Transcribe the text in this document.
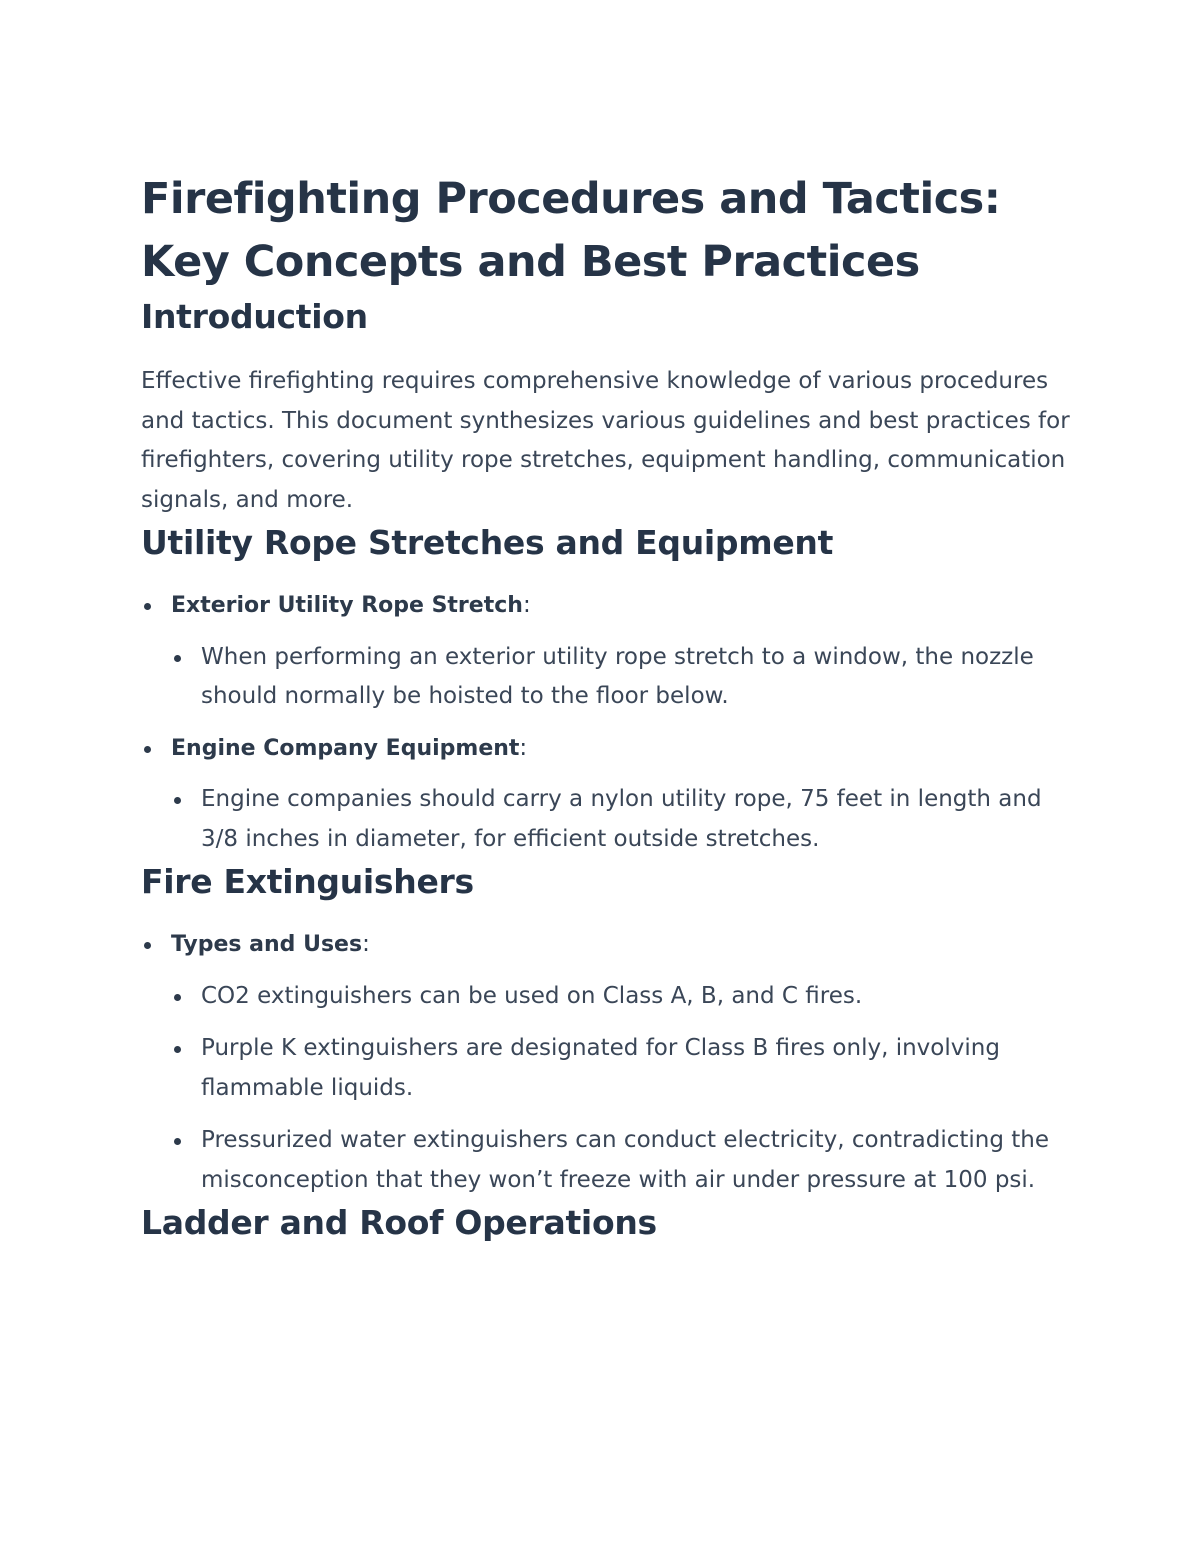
Firefighting Procedures and Tactics:
Key Concepts and Best Practices
Introduction

Effective firefighting requires comprehensive knowledge of various procedures and tactics. This document synthesizes various guidelines and best practices for firefighters, covering utility rope stretches, equipment handling, communication signals, and more.

Utility Rope Stretches and Equipment
Exterior Utility Rope Stretch:
When performing an exterior utility rope stretch to a window, the nozzle should normally be hoisted to the floor below.
Engine Company Equipment:
Engine companies should carry a nylon utility rope, 75 feet in length and 3/8 inches in diameter, for efficient outside stretches.
Fire Extinguishers
Types and Uses:
CO2 extinguishers can be used on Class A, B, and C fires.
Purple K extinguishers are designated for Class B fires only, involving flammable liquids.
Pressurized water extinguishers can conduct electricity, contradicting the misconception that they won’t freeze with air under pressure at 100 psi.
Ladder and Roof Operations
